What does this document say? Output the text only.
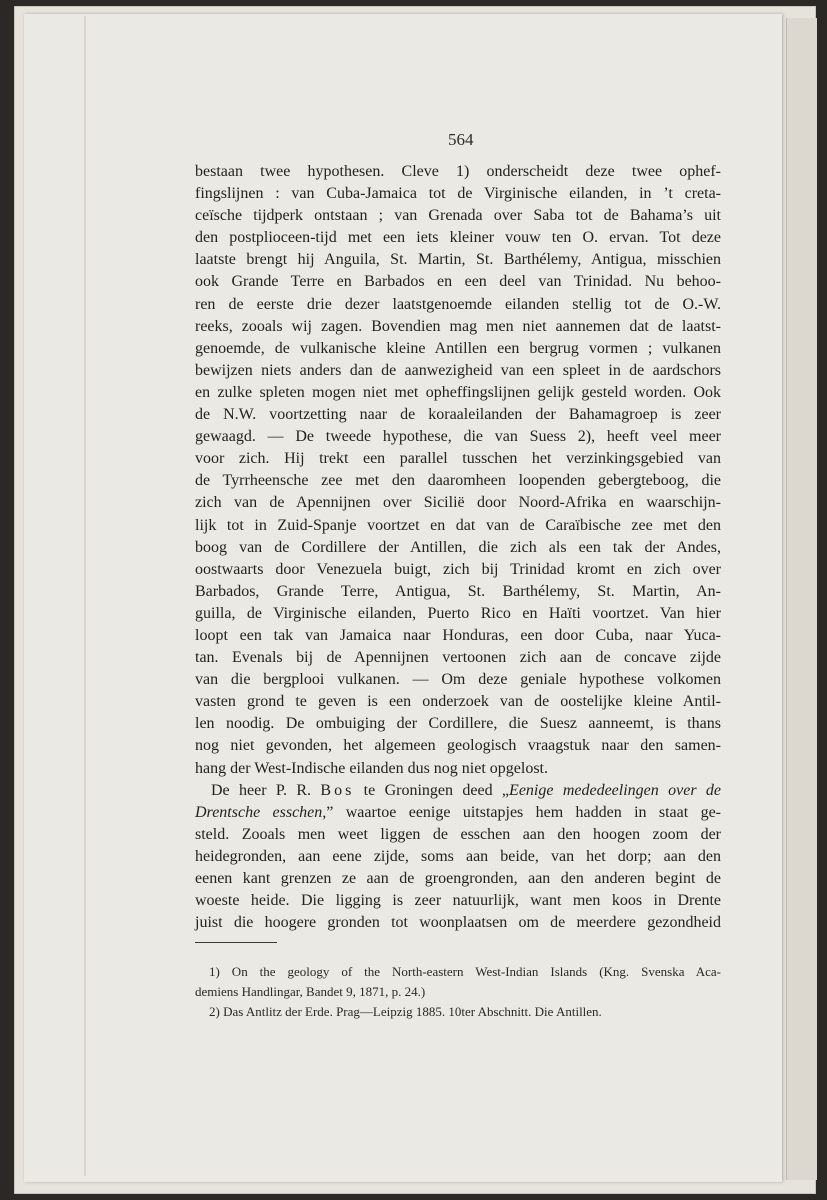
564
bestaan twee hypothesen. Cleve 1) onderscheidt deze twee ophef-
fingslijnen : van Cuba-Jamaica tot de Virginische eilanden, in ’t creta-
ceïsche tijdperk ontstaan ; van Grenada over Saba tot de Bahama’s uit
den postplioceen-tijd met een iets kleiner vouw ten O. ervan. Tot deze
laatste brengt hij Anguila, St. Martin, St. Barthélemy, Antigua, misschien
ook Grande Terre en Barbados en een deel van Trinidad. Nu behoo-
ren de eerste drie dezer laatstgenoemde eilanden stellig tot de O.-W.
reeks, zooals wij zagen. Bovendien mag men niet aannemen dat de laatst-
genoemde, de vulkanische kleine Antillen een bergrug vormen ; vulkanen
bewijzen niets anders dan de aanwezigheid van een spleet in de aardschors
en zulke spleten mogen niet met opheffingslijnen gelijk gesteld worden. Ook
de N.W. voortzetting naar de koraaleilanden der Bahamagroep is zeer
gewaagd. — De tweede hypothese, die van Suess 2), heeft veel meer
voor zich. Hij trekt een parallel tusschen het verzinkingsgebied van
de Tyrrheensche zee met den daaromheen loopenden gebergteboog, die
zich van de Apennijnen over Sicilië door Noord-Afrika en waarschijn-
lijk tot in Zuid-Spanje voortzet en dat van de Caraïbische zee met den
boog van de Cordillere der Antillen, die zich als een tak der Andes,
oostwaarts door Venezuela buigt, zich bij Trinidad kromt en zich over
Barbados, Grande Terre, Antigua, St. Barthélemy, St. Martin, An-
guilla, de Virginische eilanden, Puerto Rico en Haïti voortzet. Van hier
loopt een tak van Jamaica naar Honduras, een door Cuba, naar Yuca-
tan. Evenals bij de Apennijnen vertoonen zich aan de concave zijde
van die bergplooi vulkanen. — Om deze geniale hypothese volkomen
vasten grond te geven is een onderzoek van de oostelijke kleine Antil-
len noodig. De ombuiging der Cordillere, die Suesz aanneemt, is thans
nog niet gevonden, het algemeen geologisch vraagstuk naar den samen-
hang der West-Indische eilanden dus nog niet opgelost.
De heer P. R. Bos te Groningen deed „Eenige mededeelingen over de
Drentsche esschen,” waartoe eenige uitstapjes hem hadden in staat ge-
steld. Zooals men weet liggen de esschen aan den hoogen zoom der
heidegronden, aan eene zijde, soms aan beide, van het dorp; aan den
eenen kant grenzen ze aan de groengronden, aan den anderen begint de
woeste heide. Die ligging is zeer natuurlijk, want men koos in Drente
juist die hoogere gronden tot woonplaatsen om de meerdere gezondheid
1) On the geology of the North-eastern West-Indian Islands (Kng. Svenska Aca-
demiens Handlingar, Bandet 9, 1871, p. 24.)
2) Das Antlitz der Erde. Prag—Leipzig 1885. 10ter Abschnitt. Die Antillen.
